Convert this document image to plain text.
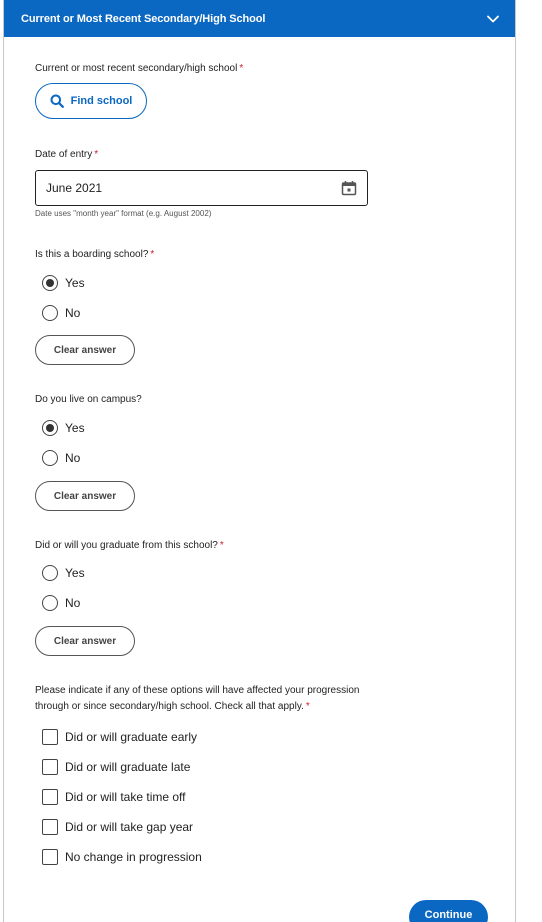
Current or Most Recent Secondary/High School
Current or most recent secondary/high school *
Find school
Date of entry *
June 2021
Date uses "month year" format (e.g. August 2002)
Is this a boarding school? *
Yes
No
Clear answer
Do you live on campus?
Yes
No
Clear answer
Did or will you graduate from this school? *
Yes
No
Clear answer
Please indicate if any of these options will have affected your progression
through or since secondary/high school. Check all that apply. *
Did or will graduate early
Did or will graduate late
Did or will take time off
Did or will take gap year
No change in progression
Continue
